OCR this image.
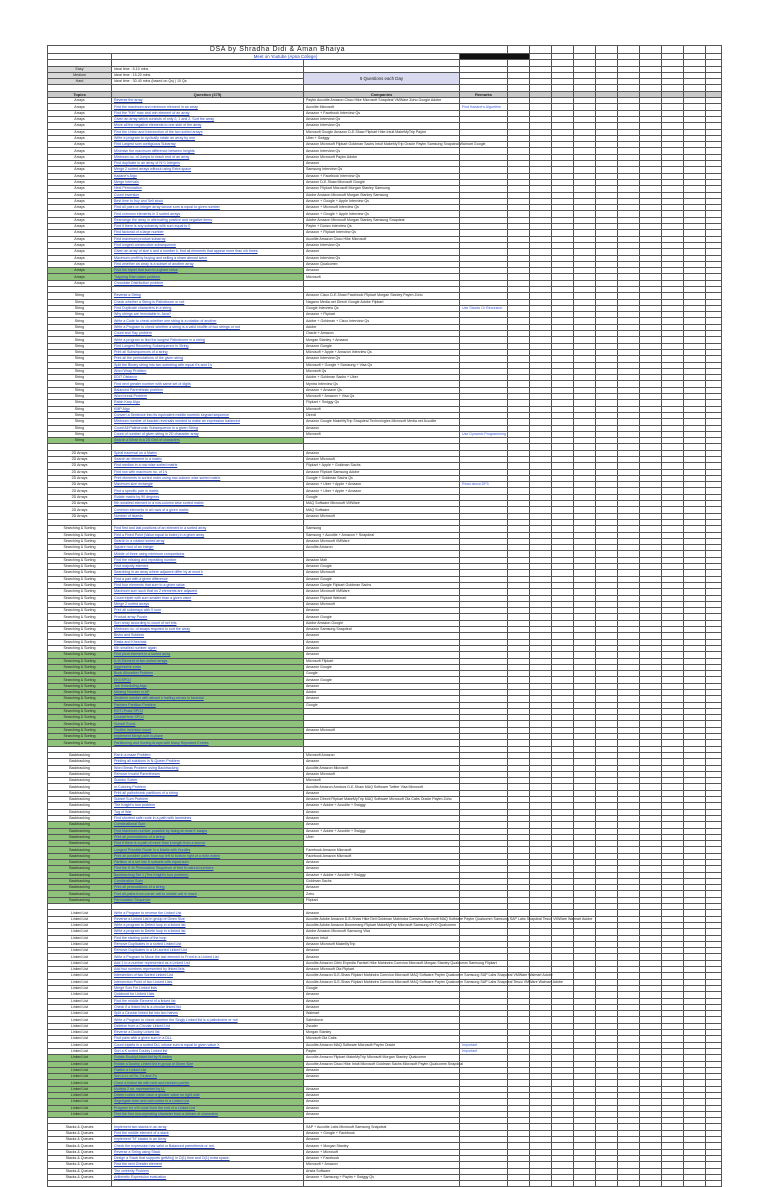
DSA by Shradha Didi & Aman Bhaiya													
	Meet on Youtube (Apna College)												

Easy	Ideal time : 5-10 mins												
Medium	Ideal time : 15-20 mins	5 Questions each Day											
Hard	Ideal time : 30-40 mins (based on Qs) | 10 Qs												

Topics	Question (375)	Companies	Remarks										
Arrays	Reverse the array	Paytm Accolite Amazon Cisco Hike Microsoft Snapdeal VMWare Zoho Google Adobe											
Arrays	Find the maximum and minimum element in an array	Accolite Microsoft	Find Kadane's Algorithm										
Arrays	Find the "Kth" max and min element of an array	Amazon + Facebook Interview Qs											
Arrays	Given an array which consists of only 0, 1 and 2. Sort the array	Amazon Interview Qs											
Arrays	Move all the negative elements to one side of the array	Amazon Interview Qs											
Arrays	Find the Union and Intersection of the two sorted arrays	Microsoft Google Amazon D-E-Shaw Flipkart Hike Intuit MakeMyTrip Paytm											
Arrays	Write a program to cyclically rotate an array by one	Uber + Swiggy											
Arrays	Find Largest sum contiguous Subarray	Amazon Microsoft Flipkart Goldman Sachs Intuit MakeMyTrip Oracle Paytm Samsung Snapdeal Walmart Google											
Arrays	Minimise the maximum difference between heights	Amazon Interview Qs											
Arrays	Minimum no. of Jumps to reach end of an array	Amazon Microsoft Paytm Adobe											
Arrays	Find duplicate in an array of N+1 Integers	Amazon											
Arrays	Merge 2 sorted arrays without using Extra space	Samsung Interview Qs											
Arrays	Kadane's Algo	Amazon + Facebook Interview Qs											
Arrays	Merge Intervals	Amazon D-E-Shaw Microsoft Google											
Arrays	Next Permutation	Amazon Flipkart Microsoft Morgan Stanley Samsung											
Arrays	Count Inversion	Adobe Amazon Microsoft Morgan Stanley Samsung											
Arrays	Best time to buy and Sell stock	Amazon + Google + Apple Interview Qs											
Arrays	Find all pairs on integer array whose sum is equal to given number	Amazon + Microsoft Interview Qs											
Arrays	Find common elements in 3 sorted arrays	Amazon + Google + Apple Interview Qs											
Arrays	Rearrange the array in alternating positive and negative items	Adobe Amazon Microsoft Morgan Stanley Samsung Snapdeal											
Arrays	Find if there is any subarray with sum equal to 0	Paytm + Dunzo Interview Qs											
Arrays	Find factorial of a large number	Amazon + Flipkart Interview Qs											
Arrays	Find maximum product subarray	Accolite Amazon Cisco Hike Microsoft											
Arrays	Find longest consecutive subsequence	Amazon Interview Qs											
Arrays	Given an array of size n and a number k, find all elements that appear more than n/k times	Amazon											
Arrays	Maximum profit by buying and selling a share atmost twice	Amazon Interview Qs											
Arrays	Find whether an array is a subset of another array	Amazon Qualcomm											
Arrays	Find the triplet that sum to a given value	Amazon											
Arrays	Trapping Rain water problem	Microsoft											
Arrays	Chocolate Distribution problem												

String	Reverse a String	Amazon Cisco D-E-Shaw Facebook Flipkart Morgan Stanley Paytm Zoho											
String	Check whether a String is Palindrome or not	Nagarro Media.net Directi Google Adobe Flipkart											
String	Find Duplicate characters in a string	Google Interview Qs	Use Stacks Or Recursion										
String	Why strings are immutable in Java?	Amazon + Flipkart											
String	Write a Code to check whether one string is a rotation of another	Adobe + Goldman + Cisco Interview Qs											
String	Write a Program to check whether a string is a valid shuffle of two strings or not	Adobe											
String	Count and Say problem	Oracle + Amazon											
String	Write a program to find the longest Palindrome in a string	Morgan Stanley + Amazon											
String	Find Longest Recurring Subsequence in String	Amazon Google											
String	Print all Subsequences of a string	Microsoft + Apple + Amazon Interview Qs											
String	Print all the permutations of the given string	Amazon Interview Qs											
String	Split the Binary string into two substring with equal 0's and 1's	Microsoft + Google + Samsung + Visa Qs											
String	Word Wrap Problem	Microsoft Qs											
String	EDIT Distance	Adobe + Goldman Sachs + Uber											
String	Find next greater number with same set of digits	Myntra Interview Qs											
String	Balanced Parenthesis problem	Amazon + Amazon Qs											
String	Word break Problem	Microsoft + Amazon + Visa Qs											
String	Rabin Karp Algo	Flipkart + Swiggy Qs											
String	KMP Algo	Microsoft											
String	Convert a Sentence into its equivalent mobile numeric keypad sequence	Directi											
String	Minimum number of bracket reversals needed to make an expression balanced	Amazon Google MakeMyTrip Snapdeal Technologies Microsoft Media.net Accolite											
String	Count All Palindromic Subsequence in a given String	Amazon											
String	Count of number of given string in 2D character array	Microsoft	Use Dynamic Programming										
String	Search a Word in a 2D Grid of characters												

2D Arrays	Spiral traversal on a Matrix	Amazon											
2D Arrays	Search an element in a matrix	Amazon Microsoft											
2D Arrays	Find median in a row wise sorted matrix	Flipkart + Apple + Goldman Sachs											
2D Arrays	Find row with maximum no. of 1's	Amazon Flipkart Samsung Adobe											
2D Arrays	Print elements in sorted order using row-column wise sorted matrix	Google + Goldman Sachs Qs											
2D Arrays	Maximum size rectangle	Amazon + Uber + Apple + Amazon	Read about DFS										
2D Arrays	Find a specific pair in matrix	Amazon + Uber + Apple + Amazon											
2D Arrays	Rotate matrix by 90 degrees	Google											
2D Arrays	Kth smallest element in a row-column wise sorted matrix	MAQ Software Microsoft VMWare											
2D Arrays	Common elements in all rows of a given matrix	MAQ Software											
2D Arrays	Number of islands	Amazon Microsoft											

Searching & Sorting	Find first and last positions of an element in a sorted array	Samsung											
Searching & Sorting	Find a Fixed Point (Value equal to index) in a given array	Samsung + Accolite + Amazon + Snapdeal											
Searching & Sorting	Search in a rotated sorted array	Amazon Microsoft VMWare											
Searching & Sorting	Square root of an integer	Accolite Amazon											
Searching & Sorting	Middle of three using minimum comparisons												
Searching & Sorting	Find the missing and repeating number	Amazon Mah											
Searching & Sorting	Find majority element	Amazon Google											
Searching & Sorting	Searching in an array where adjacent differ by at most k	Amazon Microsoft											
Searching & Sorting	Find a pair with a given difference	Amazon Google											
Searching & Sorting	Find four elements that sum to a given value	Amazon Google Flipkart Goldman Sachs											
Searching & Sorting	Maximum sum such that no 2 elements are adjacent	Amazon Microsoft VMWare											
Searching & Sorting	Count triplet with sum smaller than a given value	Amazon Flipkart Walmart											
Searching & Sorting	Merge 2 sorted arrays	Amazon Microsoft											
Searching & Sorting	Print all subarrays with 0 sum	Amazon											
Searching & Sorting	Product array Puzzle	Amazon Google											
Searching & Sorting	Sort array according to count of set bits	Adobe Amazon Google											
Searching & Sorting	Minimum no. of swaps required to sort the array	Amazon Samsung Snapdeal											
Searching & Sorting	Bishu and Soldiers	Amazon											
Searching & Sorting	Rasta and Kheshtak	Amazon											
Searching & Sorting	Kth smallest number again	Amazon											
Searching & Sorting	Find pivot element in a sorted array	Amazon											
Searching & Sorting	K-th Element of two sorted arrays	Microsoft Flipkart											
Searching & Sorting	Aggressive cows	Amazon Google											
Searching & Sorting	Book Allocation Problem	Google											
Searching & Sorting	EKOSPOJ	Amazon Google											
Searching & Sorting	Job Scheduling Algo	Amazon											
Searching & Sorting	Missing Number in AP	Adobe											
Searching & Sorting	Smallest number with atleast n trailing zeroes in factorial	Amazon											
Searching & Sorting	Painters Partition Problem	Google											
Searching & Sorting	ROTI-Prata SPOJ												
Searching & Sorting	DoubleHelix SPOJ												
Searching & Sorting	Subset Sums												
Searching & Sorting	Findthe inversion count	Amazon Microsoft											
Searching & Sorting	Implement Merge-sort in-place												
Searching & Sorting	Partitioning and Sorting Arrays with Many Repeated Entries												

Backtracking	Rat in a maze Problem	Microsoft Amazon											
Backtracking	Printing all solutions in N-Queen Problem	Amazon											
Backtracking	Word Break Problem using Backtracking	Accolite Amazon Microsoft											
Backtracking	Remove Invalid Parentheses	Amazon Microsoft											
Backtracking	Sudoku Solver	Microsoft											
Backtracking	m Coloring Problem	Accolite Amazon Amdocs D-E-Shaw MAQ Software Twitter Visa Microsoft											
Backtracking	Print all palindromic partitions of a string	Amazon											
Backtracking	Subset Sum Problem	Amazon Directi Flipkart MakeMyTrip MAQ Software Microsoft Ola Cabs Oracle Paytm Zoho											
Backtracking	The Knight's tour problem	Amazon + Adobe + Accolite + Swiggy											
Backtracking	Tug of War	Amazon											
Backtracking	Find shortest safe route in a path with landmines	Amazon											
Backtracking	Combinational Sum	Amazon											
Backtracking	Find Maximum number possible by doing at-most K swaps	Amazon + Adobe + Accolite + Swiggy											
Backtracking	Print all permutations of a string	Uber											
Backtracking	Find if there is a path of more than k length from a source												
Backtracking	Longest Possible Route in a Matrix with Hurdles	Facebook Amazon Microsoft											
Backtracking	Print all possible paths from top left to bottom right of a mXn matrix	Facebook Amazon Microsoft											
Backtracking	Partition of a set into K subsets with equal sum	Amazon											
Backtracking	Find the K-th Permutation Sequence of first N natural numbers	Amazon											
Backtracking	Backtracking Set 1 (The Knight's tour problem)	Amazon + Adobe + Accolite + Swiggy											
Backtracking	Combination Sum	Goldman Sachs											
Backtracking	Print all permutations of a string	Amazon											
Backtracking	Find all paths from corner cell to middle cell in maze	Zoho											
Backtracking	Permutation Sequence	Flipkart											

Linked List	Write a Program to reverse the Linked List	Amazon											
Linked List	Reverse a Linked List in group of Given Size	Accolite Adobe Amazon D-E-Shaw Hike Dell Goldman Mahindra Comviva Microsoft MAQ Software Paytm Qualcomm Samsung SAP Labs Snapdeal Tesco VMWare Walmart Adobe											
Linked List	Write a program to Detect loop in a linked list	Accolite Adobe Amazon Boomerang Flipkart MakeMyTrip Microsoft Samsung OYO Qualcomm											
Linked List	Write a program to Delete loop in a linked list	Adobe Amazon Microsoft Samsung Visa											
Linked List	Find the starting point of the loop	Amazon Intuit											
Linked List	Remove Duplicates in a sorted Linked List	Amazon Microsoft MakeMyTrip											
Linked List	Remove Duplicates in a Un-sorted Linked List	Amazon											
Linked List	Write a Program to Move the last element to Front in a Linked List	Amazon											
Linked List	Add 1 to a number represented as a Linked List	Accolite Amazon Citrix Expedia Factset Hike Mahindra Comviva Microsoft Morgan Stanley Qualcomm Samsung Flipkart											
Linked List	Add two numbers represented by linked lists	Amazon Microsoft Ola Flipkart											
Linked List	Intersection of two Sorted Linked List	Accolite Amazon D-E-Shaw Flipkart Mahindra Comviva Microsoft MAQ Software Paytm Qualcomm Samsung SAP Labs Snapdeal VMWare Walmart Adobe											
Linked List	Intersection Point of two Linked Lists	Accolite Amazon D-E-Shaw Flipkart Mahindra Comviva Microsoft MAQ Software Paytm Qualcomm Samsung SAP Labs Snapdeal Tesco VMWare Walmart Adobe											
Linked List	Merge Sort For Linked lists	Google											
Linked List	Quicksort for Linked Lists	Amazon											
Linked List	Find the middle Element of a linked list	Amazon											
Linked List	Check if a linked list is a circular linked list	Amazon											
Linked List	Split a Circular linked list into two halves	Walmart											
Linked List	Write a Program to check whether the Singly Linked list is a palindrome or not	Salesforce											
Linked List	Deletion from a Circular Linked List	Zscaler											
Linked List	Reverse a Doubly Linked list	Morgan Stanley											
Linked List	Find pairs with a given sum in a DLL	Microsoft Ola Cabs											
Linked List	Count triplets in a sorted DLL whose sum is equal to given value X	Accolite Amazon MAQ Software Microsoft Paytm Oracle	Important										
Linked List	Sort a K sorted Doubly Linked list	Paytm	Important										
Linked List	Rotate DoublyLinked list by N nodes	Accolite Amazon Flipkart MakeMyTrip Microsoft Morgan Stanley Qualcomm											
Linked List	Rotate a Doubly Linked list in group of Given Size	Accolite Amazon Cisco Hike Intuit Microsoft Goldman Sachs Microsoft Paytm Qualcomm Snapdeal											
Linked List	Flatten a Linked List	Amazon											
Linked List	Sort a LL of 0's, 1's and 2's	Amazon											
Linked List	Clone a linked list with next and random pointer												
Linked List	Multiply 2 no. represented by LL	Amazon											
Linked List	Delete nodes which have a greater value on right side	Amazon											
Linked List	Segregate even and odd nodes in a Linked List	Amazon											
Linked List	Program for n'th node from the end of a Linked List	Amazon											
Linked List	Find the first non-repeating character from a stream of characters	Amazon											

Stacks & Queues	Implement two stacks in an array	SAP + Accolite Labs Microsoft Samsung Snapdeal											
Stacks & Queues	Find the middle element of a stack	Amazon + Google + Facebook											
Stacks & Queues	Implement "N" stacks in an Array	Amazon											
Stacks & Queues	Check the expression has valid or Balanced parenthesis or not.	Amazon + Morgan Stanley											
Stacks & Queues	Reverse a String using Stack	Amazon + Microsoft											
Stacks & Queues	Design a Stack that supports getMin() in O(1) time and O(1) extra space.	Amazon + Facebook											
Stacks & Queues	Find the next Greater element	Microsoft + Amazon											
Stacks & Queues	The celebrity Problem	Arista Software											
Stacks & Queues	Arithmetic Expression evaluation	Amazon + Samsung + Paytm + Swiggy Qs											
